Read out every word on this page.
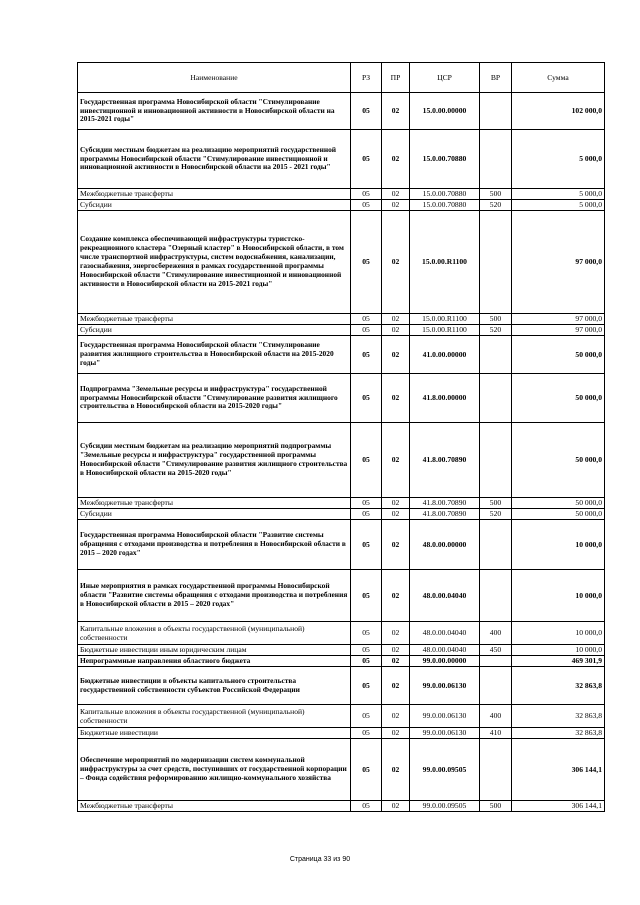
Наименование	РЗ	ПР	ЦСР	ВР	Сумма
Государственная программа Новосибирской области "Стимулирование инвестиционной и инновационной активности в Новосибирской области на 2015-2021 годы"	05	02	15.0.00.00000		102 000,0
Субсидии местным бюджетам на реализацию мероприятий государственной программы Новосибирской области "Стимулирование инвестиционной и инновационной активности в Новосибирской области на 2015 - 2021 годы"	05	02	15.0.00.70880		5 000,0
Межбюджетные трансферты	05	02	15.0.00.70880	500	5 000,0
Субсидии	05	02	15.0.00.70880	520	5 000,0
Создание комплекса обеспечивающей инфраструктуры туристско-рекреационного кластера "Озерный кластер" в Новосибирской области, в том числе транспортной инфраструктуры, систем водоснабжения, канализации, газоснабжения, энергосбережения в рамках государственной программы Новосибирской области "Стимулирование инвестиционной и инновационной активности в Новосибирской области на 2015-2021 годы"	05	02	15.0.00.R1100		97 000,0
Межбюджетные трансферты	05	02	15.0.00.R1100	500	97 000,0
Субсидии	05	02	15.0.00.R1100	520	97 000,0
Государственная программа Новосибирской области "Стимулирование развития жилищного строительства в Новосибирской области на 2015-2020 годы"	05	02	41.0.00.00000		50 000,0
Подпрограмма "Земельные ресурсы и инфраструктура" государственной программы Новосибирской области "Стимулирование развития жилищного строительства в Новосибирской области на 2015-2020 годы"	05	02	41.8.00.00000		50 000,0
Субсидии местным бюджетам на реализацию мероприятий подпрограммы "Земельные ресурсы и инфраструктура" государственной программы Новосибирской области "Стимулирование развития жилищного строительства в Новосибирской области на 2015-2020 годы"	05	02	41.8.00.70890		50 000,0
Межбюджетные трансферты	05	02	41.8.00.70890	500	50 000,0
Субсидии	05	02	41.8.00.70890	520	50 000,0
Государственная программа Новосибирской области "Развитие системы обращения с отходами производства и потребления в Новосибирской области в 2015 – 2020 годах"	05	02	48.0.00.00000		10 000,0
Иные мероприятия в рамках государственной программы Новосибирской области "Развитие системы обращения с отходами производства и потребления в Новосибирской области в 2015 – 2020 годах"	05	02	48.0.00.04040		10 000,0
Капитальные вложения в объекты государственной (муниципальной) собственности	05	02	48.0.00.04040	400	10 000,0
Бюджетные инвестиции иным юридическим лицам	05	02	48.0.00.04040	450	10 000,0
Непрограммные направления областного бюджета	05	02	99.0.00.00000		469 301,9
Бюджетные инвестиции в объекты капитального строительства государственной собственности субъектов Российской Федерации	05	02	99.0.00.06130		32 863,8
Капитальные вложения в объекты государственной (муниципальной) собственности	05	02	99.0.00.06130	400	32 863,8
Бюджетные инвестиции	05	02	99.0.00.06130	410	32 863,8
Обеспечение мероприятий по модернизации систем коммунальной инфраструктуры за счет средств, поступивших от государственной корпорации – Фонда содействия реформированию жилищно-коммунального хозяйства	05	02	99.0.00.09505		306 144,1
Межбюджетные трансферты	05	02	99.0.00.09505	500	306 144,1
Страница 33 из 90
